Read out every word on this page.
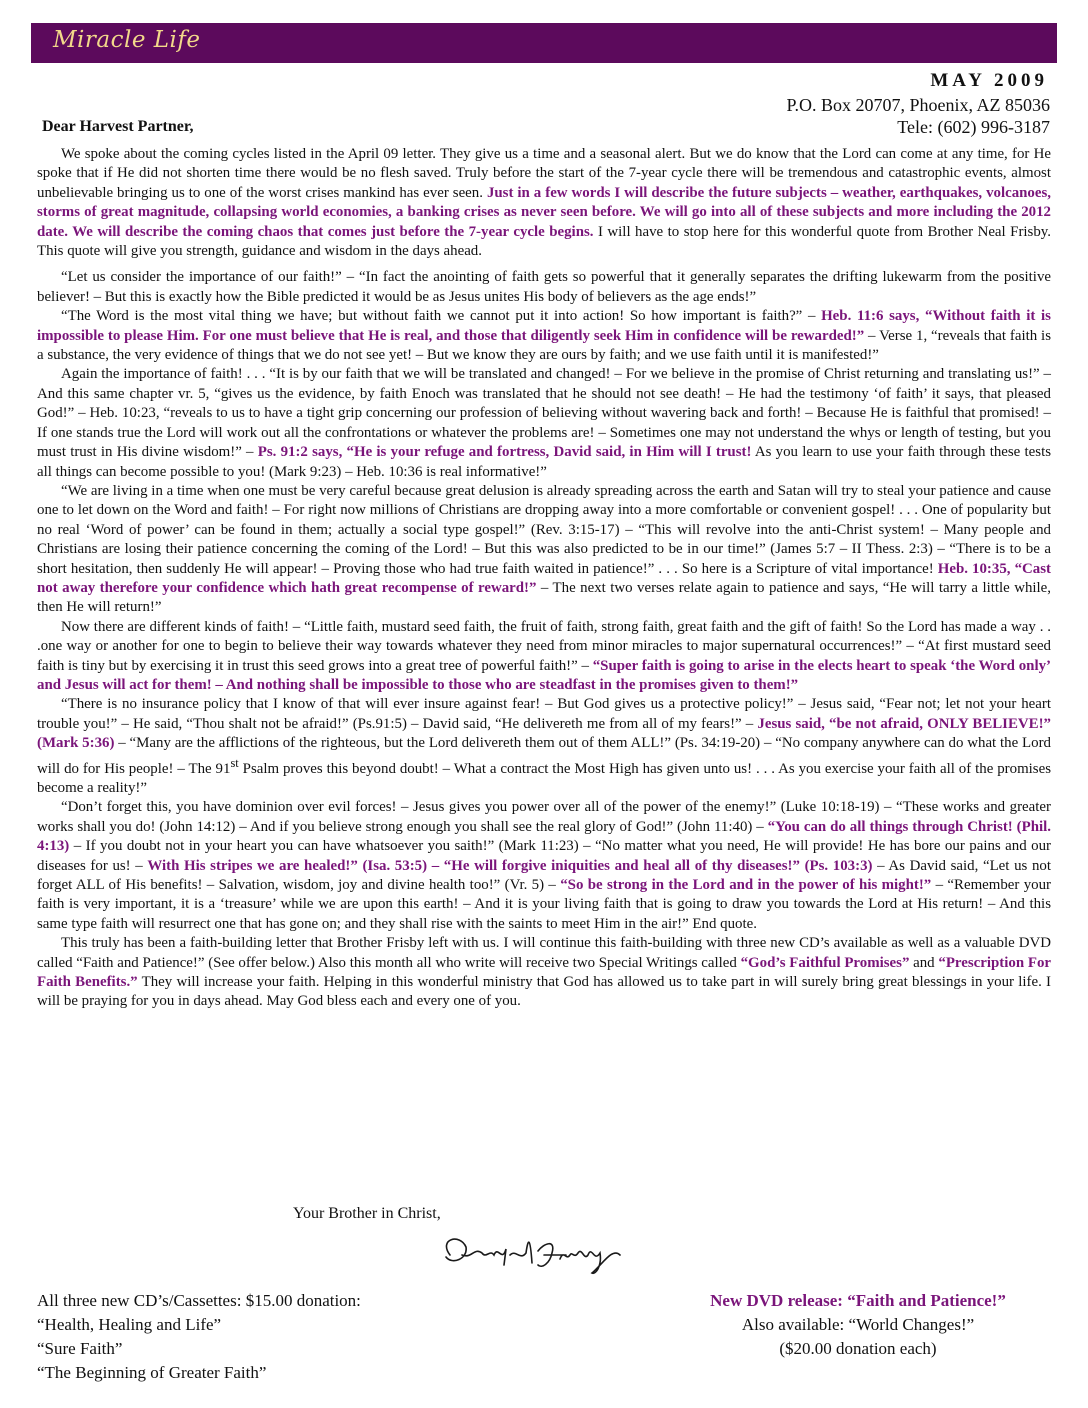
Miracle Life
MAY 2009
P.O. Box 20707, Phoenix, AZ 85036
Tele: (602) 996-3187
Dear Harvest Partner,

We spoke about the coming cycles listed in the April 09 letter. They give us a time and a seasonal alert. But we do know that the Lord can come at any time, for He spoke that if He did not shorten time there would be no flesh saved. Truly before the start of the 7-year cycle there will be tremendous and catastrophic events, almost unbelievable bringing us to one of the worst crises mankind has ever seen. Just in a few words I will describe the future subjects – weather, earthquakes, volcanoes, storms of great magnitude, collapsing world economies, a banking crises as never seen before. We will go into all of these subjects and more including the 2012 date. We will describe the coming chaos that comes just before the 7-year cycle begins. I will have to stop here for this wonderful quote from Brother Neal Frisby. This quote will give you strength, guidance and wisdom in the days ahead.

“Let us consider the importance of our faith!” – “In fact the anointing of faith gets so powerful that it generally separates the drifting lukewarm from the positive believer! – But this is exactly how the Bible predicted it would be as Jesus unites His body of believers as the age ends!”

“The Word is the most vital thing we have; but without faith we cannot put it into action! So how important is faith?” – Heb. 11:6 says, “Without faith it is impossible to please Him. For one must believe that He is real, and those that diligently seek Him in confidence will be rewarded!” – Verse 1, “reveals that faith is a substance, the very evidence of things that we do not see yet! – But we know they are ours by faith; and we use faith until it is manifested!”

Again the importance of faith! . . . “It is by our faith that we will be translated and changed! – For we believe in the promise of Christ returning and translating us!” – And this same chapter vr. 5, “gives us the evidence, by faith Enoch was translated that he should not see death! – He had the testimony ‘of faith’ it says, that pleased God!” – Heb. 10:23, “reveals to us to have a tight grip concerning our profession of believing without wavering back and forth! – Because He is faithful that promised! – If one stands true the Lord will work out all the confrontations or whatever the problems are! – Sometimes one may not understand the whys or length of testing, but you must trust in His divine wisdom!” – Ps. 91:2 says, “He is your refuge and fortress, David said, in Him will I trust! As you learn to use your faith through these tests all things can become possible to you! (Mark 9:23) – Heb. 10:36 is real informative!”

“We are living in a time when one must be very careful because great delusion is already spreading across the earth and Satan will try to steal your patience and cause one to let down on the Word and faith! – For right now millions of Christians are dropping away into a more comfortable or convenient gospel! . . . One of popularity but no real ‘Word of power’ can be found in them; actually a social type gospel!” (Rev. 3:15-17) – “This will revolve into the anti-Christ system! – Many people and Christians are losing their patience concerning the coming of the Lord! – But this was also predicted to be in our time!” (James 5:7 – II Thess. 2:3) – “There is to be a short hesitation, then suddenly He will appear! – Proving those who had true faith waited in patience!” . . . So here is a Scripture of vital importance! Heb. 10:35, “Cast not away therefore your confidence which hath great recompense of reward!” – The next two verses relate again to patience and says, “He will tarry a little while, then He will return!”

Now there are different kinds of faith! – “Little faith, mustard seed faith, the fruit of faith, strong faith, great faith and the gift of faith! So the Lord has made a way . . .one way or another for one to begin to believe their way towards whatever they need from minor miracles to major supernatural occurrences!” – “At first mustard seed faith is tiny but by exercising it in trust this seed grows into a great tree of powerful faith!” – “Super faith is going to arise in the elects heart to speak ‘the Word only’ and Jesus will act for them! – And nothing shall be impossible to those who are steadfast in the promises given to them!”

“There is no insurance policy that I know of that will ever insure against fear! – But God gives us a protective policy!” – Jesus said, “Fear not; let not your heart trouble you!” – He said, “Thou shalt not be afraid!” (Ps.91:5) – David said, “He delivereth me from all of my fears!” – Jesus said, “be not afraid, ONLY BELIEVE!” (Mark 5:36) – “Many are the afflictions of the righteous, but the Lord delivereth them out of them ALL!” (Ps. 34:19-20) – “No company anywhere can do what the Lord will do for His people! – The 91st Psalm proves this beyond doubt! – What a contract the Most High has given unto us! . . . As you exercise your faith all of the promises become a reality!”

“Don’t forget this, you have dominion over evil forces! – Jesus gives you power over all of the power of the enemy!” (Luke 10:18-19) – “These works and greater works shall you do! (John 14:12) – And if you believe strong enough you shall see the real glory of God!” (John 11:40) – “You can do all things through Christ! (Phil. 4:13) – If you doubt not in your heart you can have whatsoever you saith!” (Mark 11:23) – “No matter what you need, He will provide! He has bore our pains and our diseases for us! – With His stripes we are healed!” (Isa. 53:5) – “He will forgive iniquities and heal all of thy diseases!” (Ps. 103:3) – As David said, “Let us not forget ALL of His benefits! – Salvation, wisdom, joy and divine health too!” (Vr. 5) – “So be strong in the Lord and in the power of his might!” – “Remember your faith is very important, it is a ‘treasure’ while we are upon this earth! – And it is your living faith that is going to draw you towards the Lord at His return! – And this same type faith will resurrect one that has gone on; and they shall rise with the saints to meet Him in the air!” End quote.

This truly has been a faith-building letter that Brother Frisby left with us. I will continue this faith-building with three new CD’s available as well as a valuable DVD called “Faith and Patience!” (See offer below.) Also this month all who write will receive two Special Writings called “God’s Faithful Promises” and “Prescription For Faith Benefits.” They will increase your faith. Helping in this wonderful ministry that God has allowed us to take part in will surely bring great blessings in your life. I will be praying for you in days ahead. May God bless each and every one of you.

Your Brother in Christ,
All three new CD’s/Cassettes: $15.00 donation:
“Health, Healing and Life”
“Sure Faith”
“The Beginning of Greater Faith”
New DVD release: “Faith and Patience!”
Also available: “World Changes!”
($20.00 donation each)
